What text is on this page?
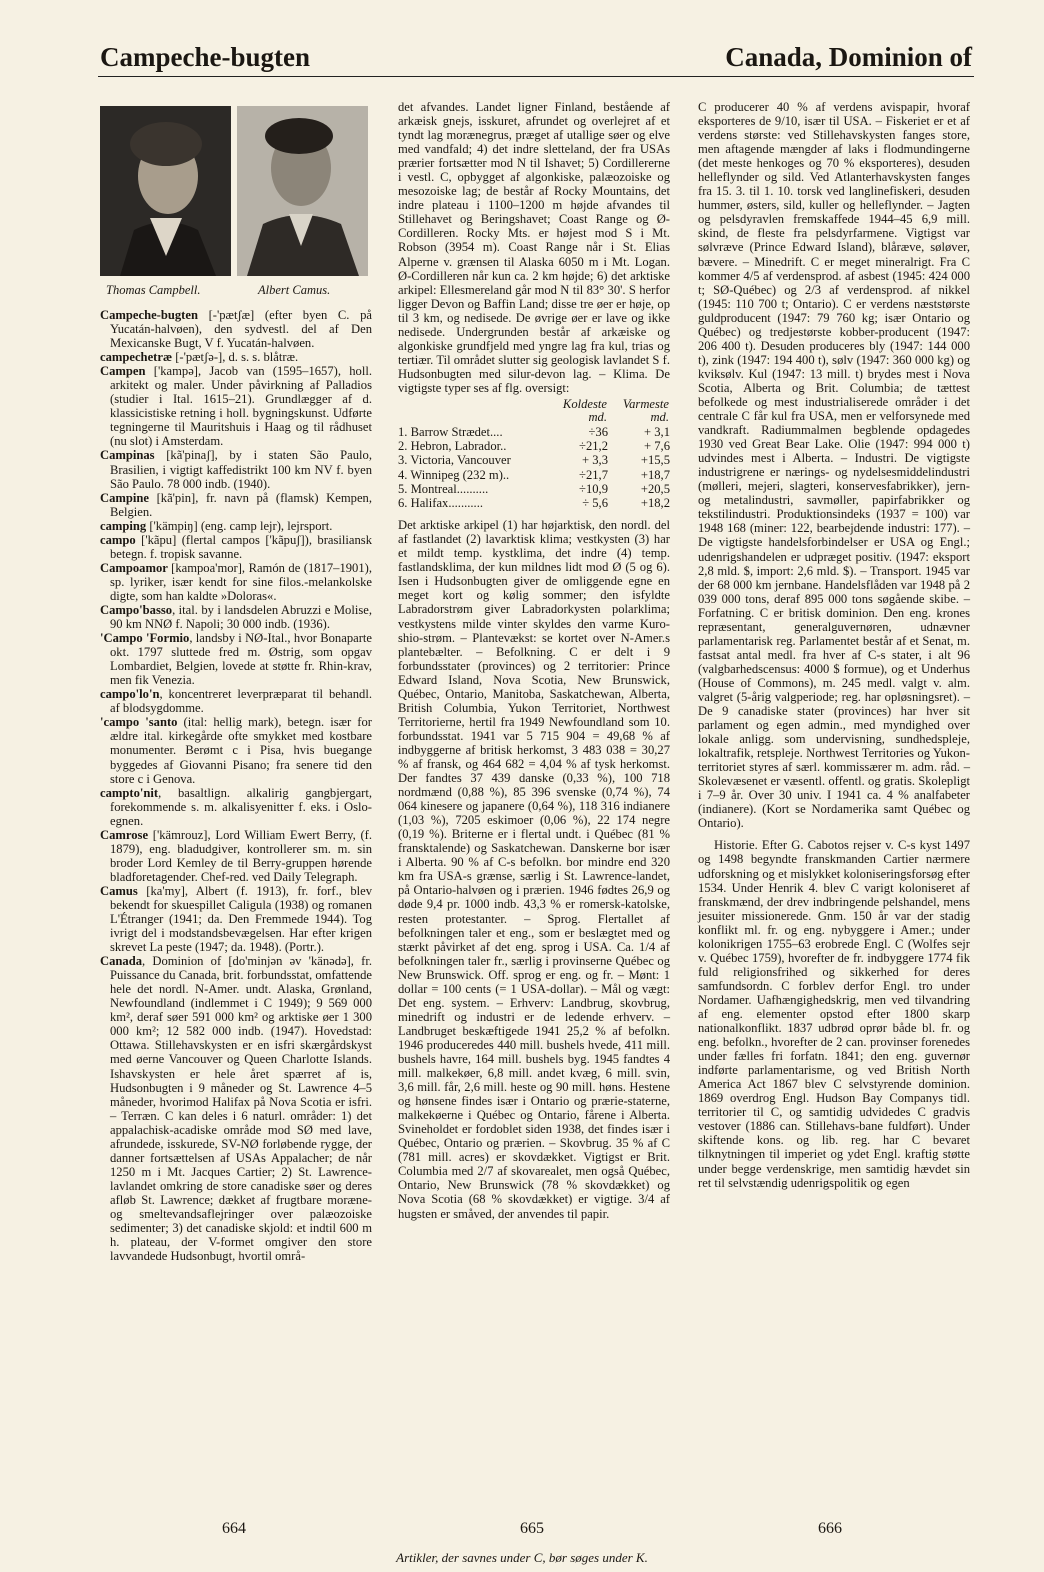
Campeche-bugten	Canada, Dominion of
Thomas Campbell.	Albert Camus.

Campeche-bugten [-'pætʃæ] (efter byen C. på Yucatán-halvøen), den sydvestl. del af Den Mexicanske Bugt, V f. Yucatán-halvøen.

campechetræ [-'pætʃə-], d. s. s. blåtræ.

Campen ['kampə], Jacob van (1595–1657), holl. arkitekt og maler. Under påvirkning af Palladios (studier i Ital. 1615–21). Grundlægger af d. klassicistiske retning i holl. bygningskunst. Udførte tegningerne til Mauritshuis i Haag og til rådhuset (nu slot) i Amsterdam.

Campinas [kã'pinaʃ], by i staten São Paulo, Brasilien, i vigtigt kaffedistrikt 100 km NV f. byen São Paulo. 78 000 indb. (1940).

Campine [kã'pin], fr. navn på (flamsk) Kempen, Belgien.

camping ['kämpiŋ] (eng. camp lejr), lejrsport.

campo ['kãpu] (flertal campos ['kãpuʃ]), brasiliansk betegn. f. tropisk savanne.

Campoamor [kampoa'mor], Ramón de (1817–1901), sp. lyriker, især kendt for sine filos.-melankolske digte, som han kaldte »Doloras«.

Campo'basso, ital. by i landsdelen Abruzzi e Molise, 90 km NNØ f. Napoli; 30 000 indb. (1936).

'Campo 'Formio, landsby i NØ-Ital., hvor Bonaparte okt. 1797 sluttede fred m. Østrig, som opgav Lombardiet, Belgien, lovede at støtte fr. Rhin-krav, men fik Venezia.

campo'lo'n, koncentreret leverpræparat til behandl. af blodsygdomme.

'campo 'santo (ital: hellig mark), betegn. især for ældre ital. kirkegårde ofte smykket med kostbare monumenter. Berømt c i Pisa, hvis buegange byggedes af Giovanni Pisano; fra senere tid den store c i Genova.

campto'nit, basaltlign. alkalirig gangbjergart, forekommende s. m. alkalisyenitter f. eks. i Oslo-egnen.

Camrose ['kämrouz], Lord William Ewert Berry, (f. 1879), eng. bladudgiver, kontrollerer sm. m. sin broder Lord Kemley de til Berry-gruppen hørende bladforetagender. Chef-red. ved Daily Telegraph.

Camus [ka'my], Albert (f. 1913), fr. forf., blev bekendt for skuespillet Caligula (1938) og romanen L'Étranger (1941; da. Den Fremmede 1944). Tog ivrigt del i modstandsbevægelsen. Har efter krigen skrevet La peste (1947; da. 1948). (Portr.).

Canada, Dominion of [do'minjən əv 'känədə], fr. Puissance du Canada, brit. forbundsstat, omfattende hele det nordl. N-Amer. undt. Alaska, Grønland, Newfoundland (indlemmet i C 1949); 9 569 000 km², deraf søer 591 000 km² og arktiske øer 1 300 000 km²; 12 582 000 indb. (1947). Hovedstad: Ottawa. Stillehavskysten er en isfri skærgårdskyst med øerne Vancouver og Queen Charlotte Islands. Ishavskysten er hele året spærret af is, Hudsonbugten i 9 måneder og St. Lawrence 4–5 måneder, hvorimod Halifax på Nova Scotia er isfri. – Terræn. C kan deles i 6 naturl. områder: 1) det appalachisk-acadiske område mod SØ med lave, afrundede, isskurede, SV-NØ forløbende rygge, der danner fortsættelsen af USAs Appalacher; de når 1250 m i Mt. Jacques Cartier; 2) St. Lawrence-lavlandet omkring de store canadiske søer og deres afløb St. Lawrence; dækket af frugtbare moræne- og smeltevandsaflejringer over palæozoiske sedimenter; 3) det canadiske skjold: et indtil 600 m h. plateau, der V-formet omgiver den store lavvandede Hudsonbugt, hvortil områ-

det afvandes. Landet ligner Finland, bestående af arkæisk gnejs, isskuret, afrundet og overlejret af et tyndt lag morænegrus, præget af utallige søer og elve med vandfald; 4) det indre sletteland, der fra USAs prærier fortsætter mod N til Ishavet; 5) Cordillererne i vestl. C, opbygget af algonkiske, palæozoiske og mesozoiske lag; de består af Rocky Mountains, det indre plateau i 1100–1200 m højde afvandes til Stillehavet og Beringshavet; Coast Range og Ø-Cordilleren. Rocky Mts. er højest mod S i Mt. Robson (3954 m). Coast Range når i St. Elias Alperne v. grænsen til Alaska 6050 m i Mt. Logan. Ø-Cordilleren når kun ca. 2 km højde; 6) det arktiske arkipel: Ellesmereland går mod N til 83° 30'. S herfor ligger Devon og Baffin Land; disse tre øer er høje, op til 3 km, og nedisede. De øvrige øer er lave og ikke nedisede. Undergrunden består af arkæiske og algonkiske grundfjeld med yngre lag fra kul, trias og tertiær. Til området slutter sig geologisk lavlandet S f. Hudsonbugten med silur-devon lag. – Klima. De vigtigste typer ses af flg. oversigt:

	Koldeste md.	Varmeste md.
1. Barrow Strædet....	÷36	+ 3,1
2. Hebron, Labrador..	÷21,2	+ 7,6
3. Victoria, Vancouver	+ 3,3	+15,5
4. Winnipeg (232 m)..	÷21,7	+18,7
5. Montreal..........	÷10,9	+20,5
6. Halifax...........	÷ 5,6	+18,2

Det arktiske arkipel (1) har højarktisk, den nordl. del af fastlandet (2) lavarktisk klima; vestkysten (3) har et mildt temp. kystklima, det indre (4) temp. fastlandsklima, der kun mildnes lidt mod Ø (5 og 6). Isen i Hudsonbugten giver de omliggende egne en meget kort og kølig sommer; den isfyldte Labradorstrøm giver Labradorkysten polarklima; vestkystens milde vinter skyldes den varme Kuro-shio-strøm. – Plantevækst: se kortet over N-Amer.s plantebælter. – Befolkning. C er delt i 9 forbundsstater (provinces) og 2 territorier: Prince Edward Island, Nova Scotia, New Brunswick, Québec, Ontario, Manitoba, Saskatchewan, Alberta, British Columbia, Yukon Territoriet, Northwest Territorierne, hertil fra 1949 Newfoundland som 10. forbundsstat. 1941 var 5 715 904 = 49,68 % af indbyggerne af britisk herkomst, 3 483 038 = 30,27 % af fransk, og 464 682 = 4,04 % af tysk herkomst. Der fandtes 37 439 danske (0,33 %), 100 718 nordmænd (0,88 %), 85 396 svenske (0,74 %), 74 064 kinesere og japanere (0,64 %), 118 316 indianere (1,03 %), 7205 eskimoer (0,06 %), 22 174 negre (0,19 %). Briterne er i flertal undt. i Québec (81 % fransktalende) og Saskatchewan. Danskerne bor især i Alberta. 90 % af C-s befolkn. bor mindre end 320 km fra USA-s grænse, særlig i St. Lawrence-landet, på Ontario-halvøen og i prærien. 1946 fødtes 26,9 og døde 9,4 pr. 1000 indb. 43,3 % er romersk-katolske, resten protestanter. – Sprog. Flertallet af befolkningen taler et eng., som er beslægtet med og stærkt påvirket af det eng. sprog i USA. Ca. 1/4 af befolkningen taler fr., særlig i provinserne Québec og New Brunswick. Off. sprog er eng. og fr. – Mønt: 1 dollar = 100 cents (= 1 USA-dollar). – Mål og vægt: Det eng. system. – Erhverv: Landbrug, skovbrug, minedrift og industri er de ledende erhverv. – Landbruget beskæftigede 1941 25,2 % af befolkn. 1946 produceredes 440 mill. bushels hvede, 411 mill. bushels havre, 164 mill. bushels byg. 1945 fandtes 4 mill. malkekøer, 6,8 mill. andet kvæg, 6 mill. svin, 3,6 mill. får, 2,6 mill. heste og 90 mill. høns. Hestene og hønsene findes især i Ontario og prærie-staterne, malkekøerne i Québec og Ontario, fårene i Alberta. Svineholdet er fordoblet siden 1938, det findes især i Québec, Ontario og prærien. – Skovbrug. 35 % af C (781 mill. acres) er skovdækket. Vigtigst er Brit. Columbia med 2/7 af skovarealet, men også Québec, Ontario, New Brunswick (78 % skovdækket) og Nova Scotia (68 % skovdækket) er vigtige. 3/4 af hugsten er småved, der anvendes til papir.

C producerer 40 % af verdens avispapir, hvoraf eksporteres de 9/10, især til USA. – Fiskeriet er et af verdens største: ved Stillehavskysten fanges store, men aftagende mængder af laks i flodmundingerne (det meste henkoges og 70 % eksporteres), desuden helleflynder og sild. Ved Atlanterhavskysten fanges fra 15. 3. til 1. 10. torsk ved langlinefiskeri, desuden hummer, østers, sild, kuller og helleflynder. – Jagten og pelsdyravlen fremskaffede 1944–45 6,9 mill. skind, de fleste fra pelsdyrfarmene. Vigtigst var sølvræve (Prince Edward Island), blåræve, søløver, bævere. – Minedrift. C er meget mineralrigt. Fra C kommer 4/5 af verdensprod. af asbest (1945: 424 000 t; SØ-Québec) og 2/3 af verdensprod. af nikkel (1945: 110 700 t; Ontario). C er verdens næststørste guldproducent (1947: 79 760 kg; især Ontario og Québec) og tredjestørste kobber-producent (1947: 206 400 t). Desuden produceres bly (1947: 144 000 t), zink (1947: 194 400 t), sølv (1947: 360 000 kg) og kviksølv. Kul (1947: 13 mill. t) brydes mest i Nova Scotia, Alberta og Brit. Columbia; de tættest befolkede og mest industrialiserede områder i det centrale C får kul fra USA, men er velforsynede med vandkraft. Radiummalmen begblende opdagedes 1930 ved Great Bear Lake. Olie (1947: 994 000 t) udvindes mest i Alberta. – Industri. De vigtigste industrigrene er nærings- og nydelsesmiddelindustri (mølleri, mejeri, slagteri, konservesfabrikker), jern- og metalindustri, savmøller, papirfabrikker og tekstilindustri. Produktionsindeks (1937 = 100) var 1948 168 (miner: 122, bearbejdende industri: 177). – De vigtigste handelsforbindelser er USA og Engl.; udenrigshandelen er udpræget positiv. (1947: eksport 2,8 mld. $, import: 2,6 mld. $). – Transport. 1945 var der 68 000 km jernbane. Handelsflåden var 1948 på 2 039 000 tons, deraf 895 000 tons søgående skibe. – Forfatning. C er britisk dominion. Den eng. krones repræsentant, generalguvernøren, udnævner parlamentarisk reg. Parlamentet består af et Senat, m. fastsat antal medl. fra hver af C-s stater, i alt 96 (valgbarhedscensus: 4000 $ formue), og et Underhus (House of Commons), m. 245 medl. valgt v. alm. valgret (5-årig valgperiode; reg. har opløsningsret). – De 9 canadiske stater (provinces) har hver sit parlament og egen admin., med myndighed over lokale anligg. som undervisning, sundhedspleje, lokaltrafik, retspleje. Northwest Territories og Yukon-territoriet styres af særl. kommissærer m. adm. råd. – Skolevæsenet er væsentl. offentl. og gratis. Skolepligt i 7–9 år. Over 30 univ. I 1941 ca. 4 % analfabeter (indianere). (Kort se Nordamerika samt Québec og Ontario).

Historie. Efter G. Cabotos rejser v. C-s kyst 1497 og 1498 begyndte franskmanden Cartier nærmere udforskning og et mislykket koloniseringsforsøg efter 1534. Under Henrik 4. blev C varigt koloniseret af franskmænd, der drev indbringende pelshandel, mens jesuiter missionerede. Gnm. 150 år var der stadig konflikt ml. fr. og eng. nybyggere i Amer.; under kolonikrigen 1755–63 erobrede Engl. C (Wolfes sejr v. Québec 1759), hvorefter de fr. indbyggere 1774 fik fuld religionsfrihed og sikkerhed for deres samfundsordn. C forblev derfor Engl. tro under Nordamer. Uafhængighedskrig, men ved tilvandring af eng. elementer opstod efter 1800 skarp nationalkonflikt. 1837 udbrød oprør både bl. fr. og eng. befolkn., hvorefter de 2 can. provinser forenedes under fælles fri forfatn. 1841; den eng. guvernør indførte parlamentarisme, og ved British North America Act 1867 blev C selvstyrende dominion. 1869 overdrog Engl. Hudson Bay Companys tidl. territorier til C, og samtidig udvidedes C gradvis vestover (1886 can. Stillehavs-bane fuldført). Under skiftende kons. og lib. reg. har C bevaret tilknytningen til imperiet og ydet Engl. kraftig støtte under begge verdenskrige, men samtidig hævdet sin ret til selvstændig udenrigspolitik og egen

664	665	666
Artikler, der savnes under C, bør søges under K.
